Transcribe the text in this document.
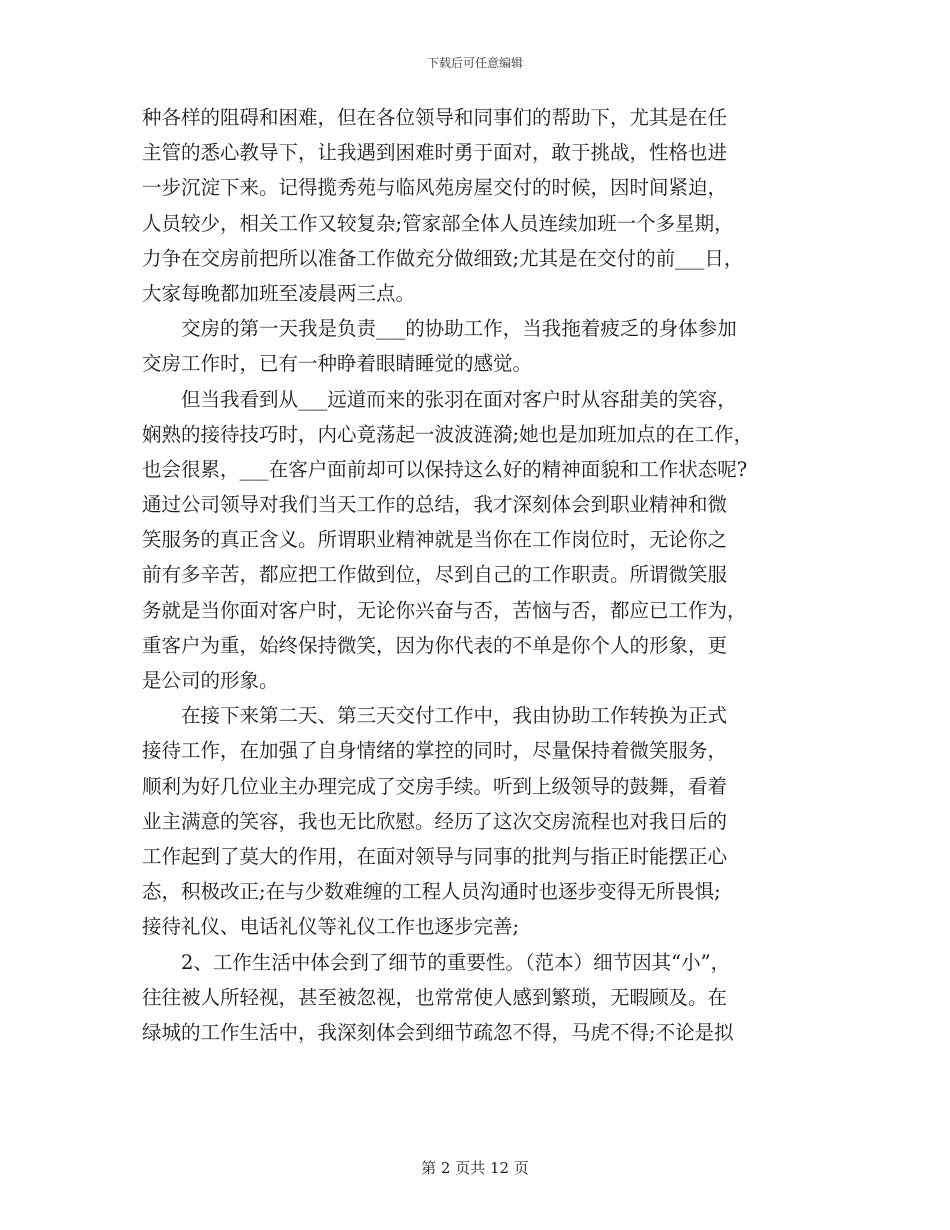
下载后可任意编辑
种各样的阻碍和困难，但在各位领导和同事们的帮助下，尤其是在任
主管的悉心教导下，让我遇到困难时勇于面对，敢于挑战，性格也进
一步沉淀下来。记得揽秀苑与临风苑房屋交付的时候，因时间紧迫，
人员较少，相关工作又较复杂;管家部全体人员连续加班一个多星期，
力争在交房前把所以准备工作做充分做细致;尤其是在交付的前___日，
大家每晚都加班至凌晨两三点。
　　交房的第一天我是负责___的协助工作，当我拖着疲乏的身体参加
交房工作时，已有一种睁着眼睛睡觉的感觉。
　　但当我看到从___远道而来的张羽在面对客户时从容甜美的笑容，
娴熟的接待技巧时，内心竟荡起一波波涟漪;她也是加班加点的在工作，
也会很累，___在客户面前却可以保持这么好的精神面貌和工作状态呢?
通过公司领导对我们当天工作的总结，我才深刻体会到职业精神和微
笑服务的真正含义。所谓职业精神就是当你在工作岗位时，无论你之
前有多辛苦，都应把工作做到位，尽到自己的工作职责。所谓微笑服
务就是当你面对客户时，无论你兴奋与否，苦恼与否，都应已工作为，
重客户为重，始终保持微笑，因为你代表的不单是你个人的形象，更
是公司的形象。
　　在接下来第二天、第三天交付工作中，我由协助工作转换为正式
接待工作，在加强了自身情绪的掌控的同时，尽量保持着微笑服务，
顺利为好几位业主办理完成了交房手续。听到上级领导的鼓舞，看着
业主满意的笑容，我也无比欣慰。经历了这次交房流程也对我日后的
工作起到了莫大的作用，在面对领导与同事的批判与指正时能摆正心
态，积极改正;在与少数难缠的工程人员沟通时也逐步变得无所畏惧;
接待礼仪、电话礼仪等礼仪工作也逐步完善;
　　2、工作生活中体会到了细节的重要性。（范本）细节因其“小”，
往往被人所轻视，甚至被忽视，也常常使人感到繁琐，无暇顾及。在
绿城的工作生活中，我深刻体会到细节疏忽不得，马虎不得;不论是拟
第 2 页共 12 页
